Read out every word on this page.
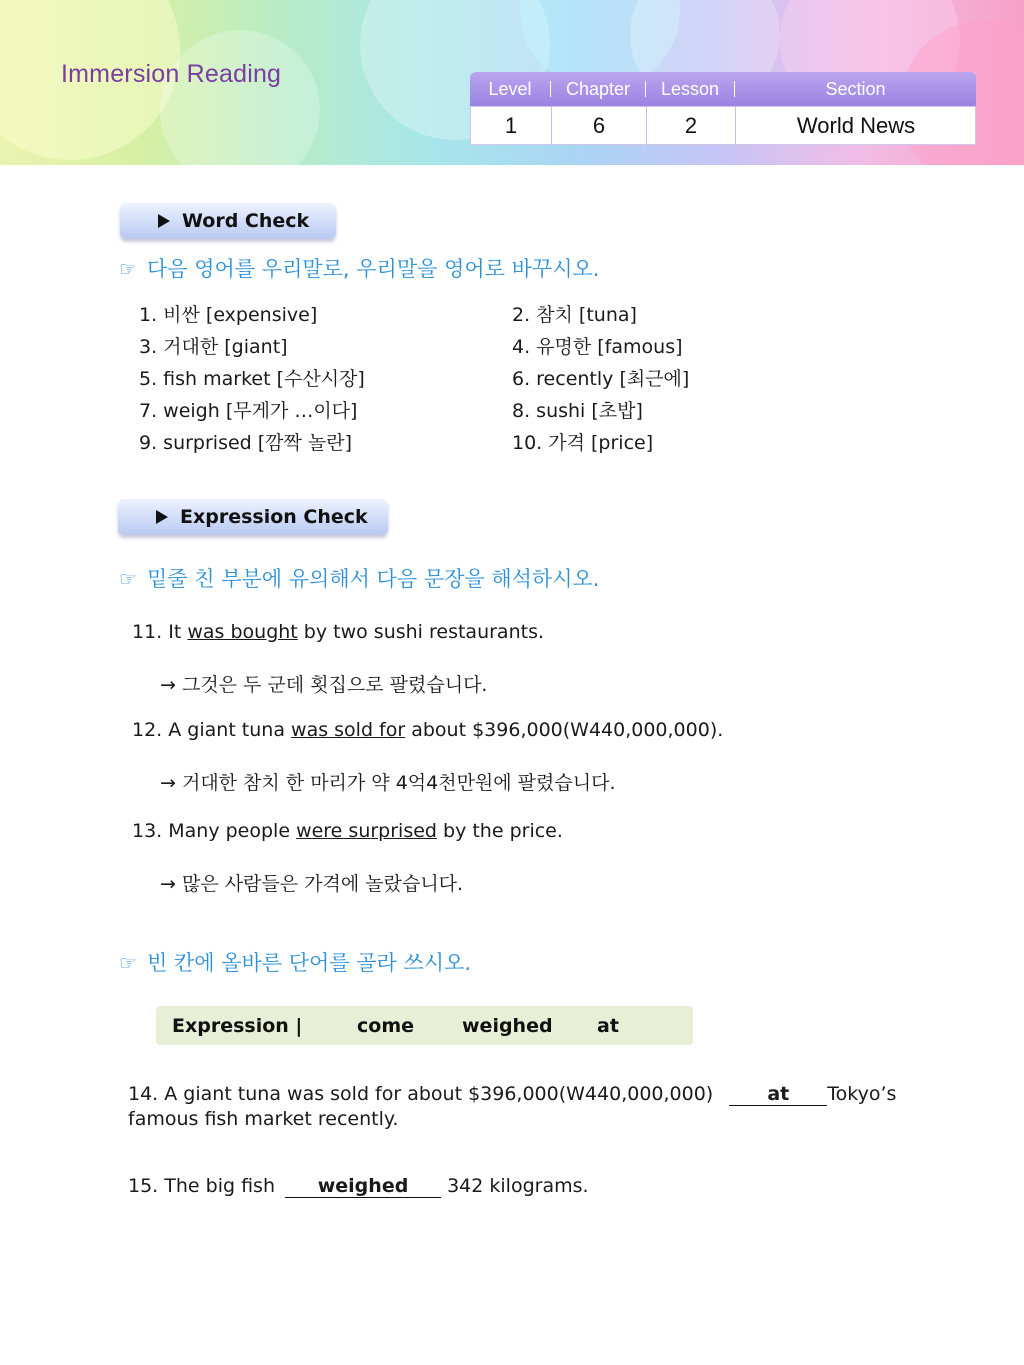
Immersion Reading
Level	Chapter	Lesson	Section
1	6	2	World News
Word Check
☞ 다음 영어를 우리말로, 우리말을 영어로 바꾸시오.
1. 비싼 [expensive]	2. 참치 [tuna]
3. 거대한 [giant]	4. 유명한 [famous]
5. fish market [수산시장]	6. recently [최근에]
7. weigh [무게가 …이다]	8. sushi [초밥]
9. surprised [깜짝 놀란]	10. 가격 [price]
Expression Check
☞ 밑줄 친 부분에 유의해서 다음 문장을 해석하시오.
11. It was bought by two sushi restaurants.
→ 그것은 두 군데 횟집으로 팔렸습니다.
12. A giant tuna was sold for about $396,000(W440,000,000).
→ 거대한 참치 한 마리가 약 4억4천만원에 팔렸습니다.
13. Many people were surprised by the price.
→ 많은 사람들은 가격에 놀랐습니다.
☞ 빈 칸에 올바른 단어를 골라 쓰시오.
Expression |	come	weighed at
14. A giant tuna was sold for about $396,000(W440,000,000)	at Tokyo’s
famous fish market recently.
15. The big fish weighed 342 kilograms.
